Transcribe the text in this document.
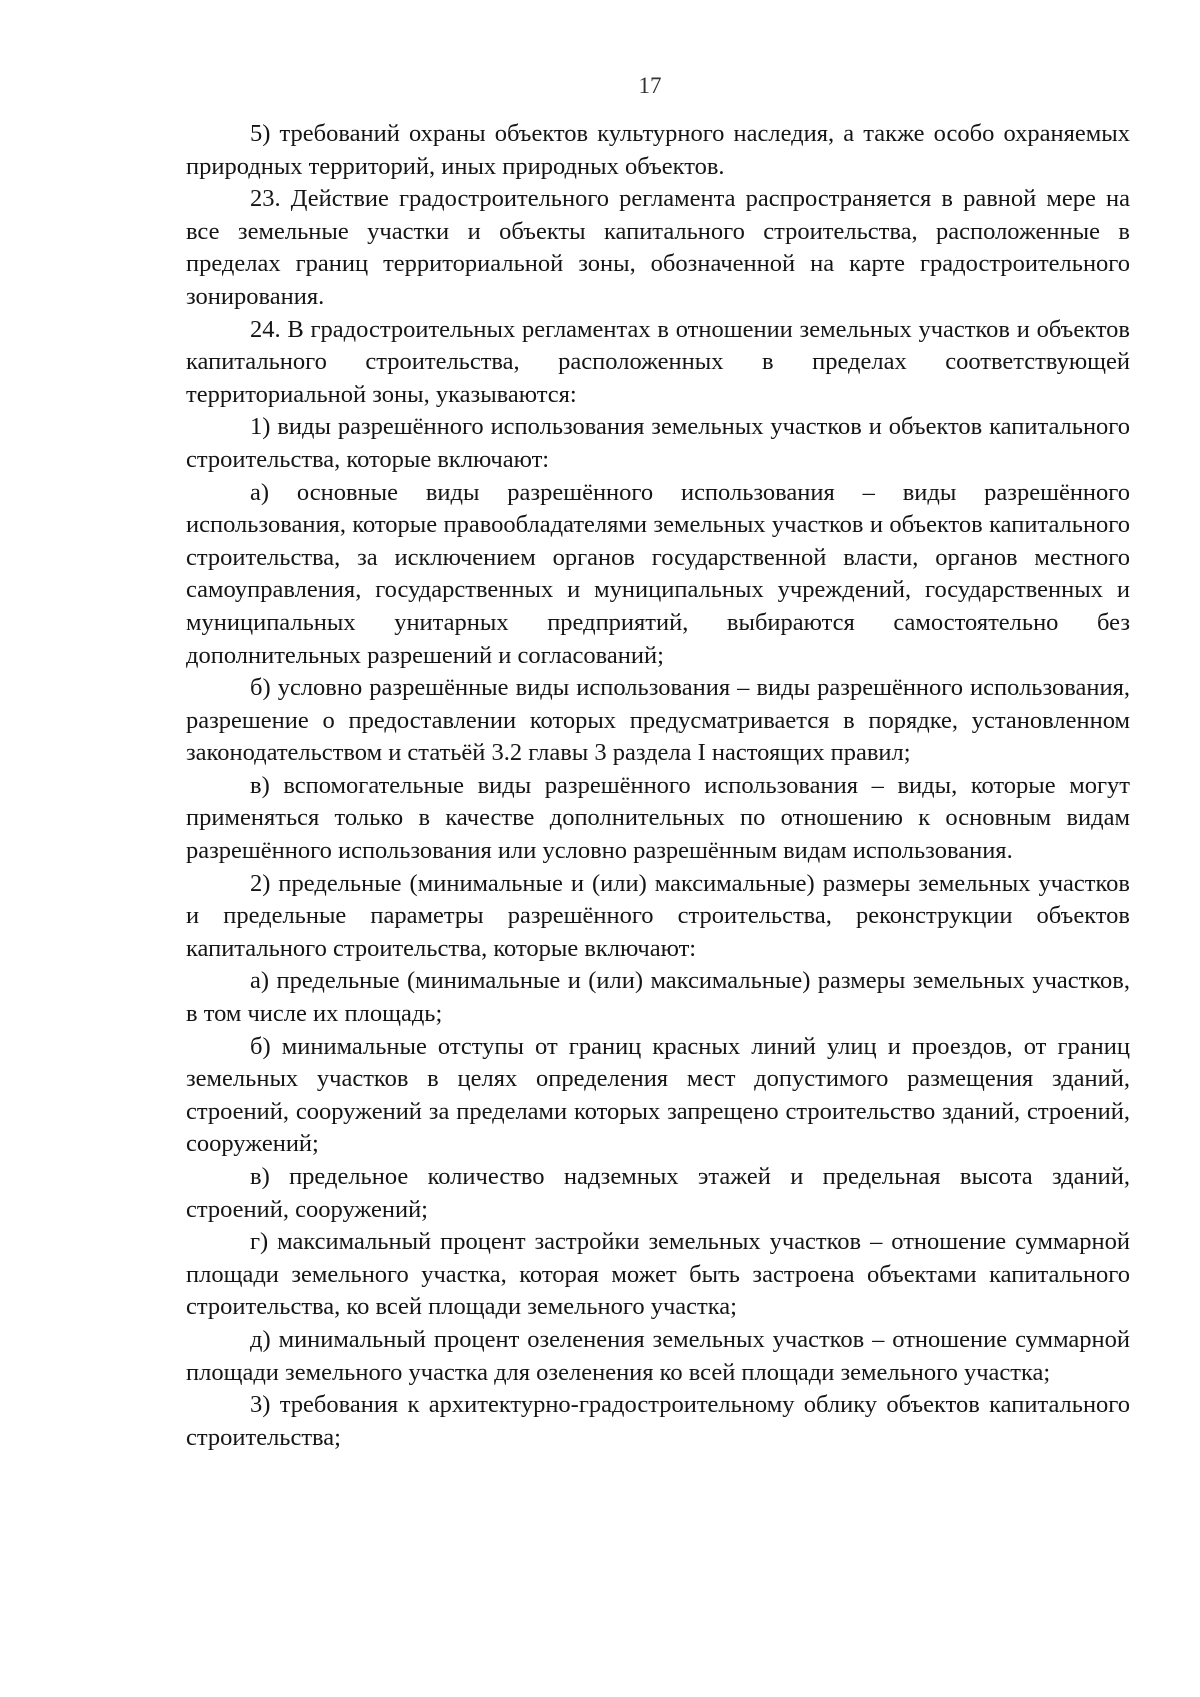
17

5) требований охраны объектов культурного наследия, а также особо охраняемых природных территорий, иных природных объектов.

23. Действие градостроительного регламента распространяется в равной мере на все земельные участки и объекты капитального строительства, расположенные в пределах границ территориальной зоны, обозначенной на карте градостроительного зонирования.

24. В градостроительных регламентах в отношении земельных участков и объектов капитального строительства, расположенных в пределах соответствующей территориальной зоны, указываются:

1) виды разрешённого использования земельных участков и объектов капитального строительства, которые включают:

а) основные виды разрешённого использования – виды разрешённого использования, которые правообладателями земельных участков и объектов капитального строительства, за исключением органов государственной власти, органов местного самоуправления, государственных и муниципальных учреждений, государственных и муниципальных унитарных предприятий, выбираются самостоятельно без дополнительных разрешений и согласований;

б) условно разрешённые виды использования – виды разрешённого использования, разрешение о предоставлении которых предусматривается в порядке, установленном законодательством и статьёй 3.2 главы 3 раздела I настоящих правил;

в) вспомогательные виды разрешённого использования – виды, которые могут применяться только в качестве дополнительных по отношению к основным видам разрешённого использования или условно разрешённым видам использования.

2) предельные (минимальные и (или) максимальные) размеры земельных участков и предельные параметры разрешённого строительства, реконструкции объектов капитального строительства, которые включают:

а) предельные (минимальные и (или) максимальные) размеры земельных участков, в том числе их площадь;

б) минимальные отступы от границ красных линий улиц и проездов, от границ земельных участков в целях определения мест допустимого размещения зданий, строений, сооружений за пределами которых запрещено строительство зданий, строений, сооружений;

в) предельное количество надземных этажей и предельная высота зданий, строений, сооружений;

г) максимальный процент застройки земельных участков – отношение суммарной площади земельного участка, которая может быть застроена объектами капитального строительства, ко всей площади земельного участка;

д) минимальный процент озеленения земельных участков – отношение суммарной площади земельного участка для озеленения ко всей площади земельного участка;

3) требования к архитектурно-градостроительному облику объектов капитального строительства;
